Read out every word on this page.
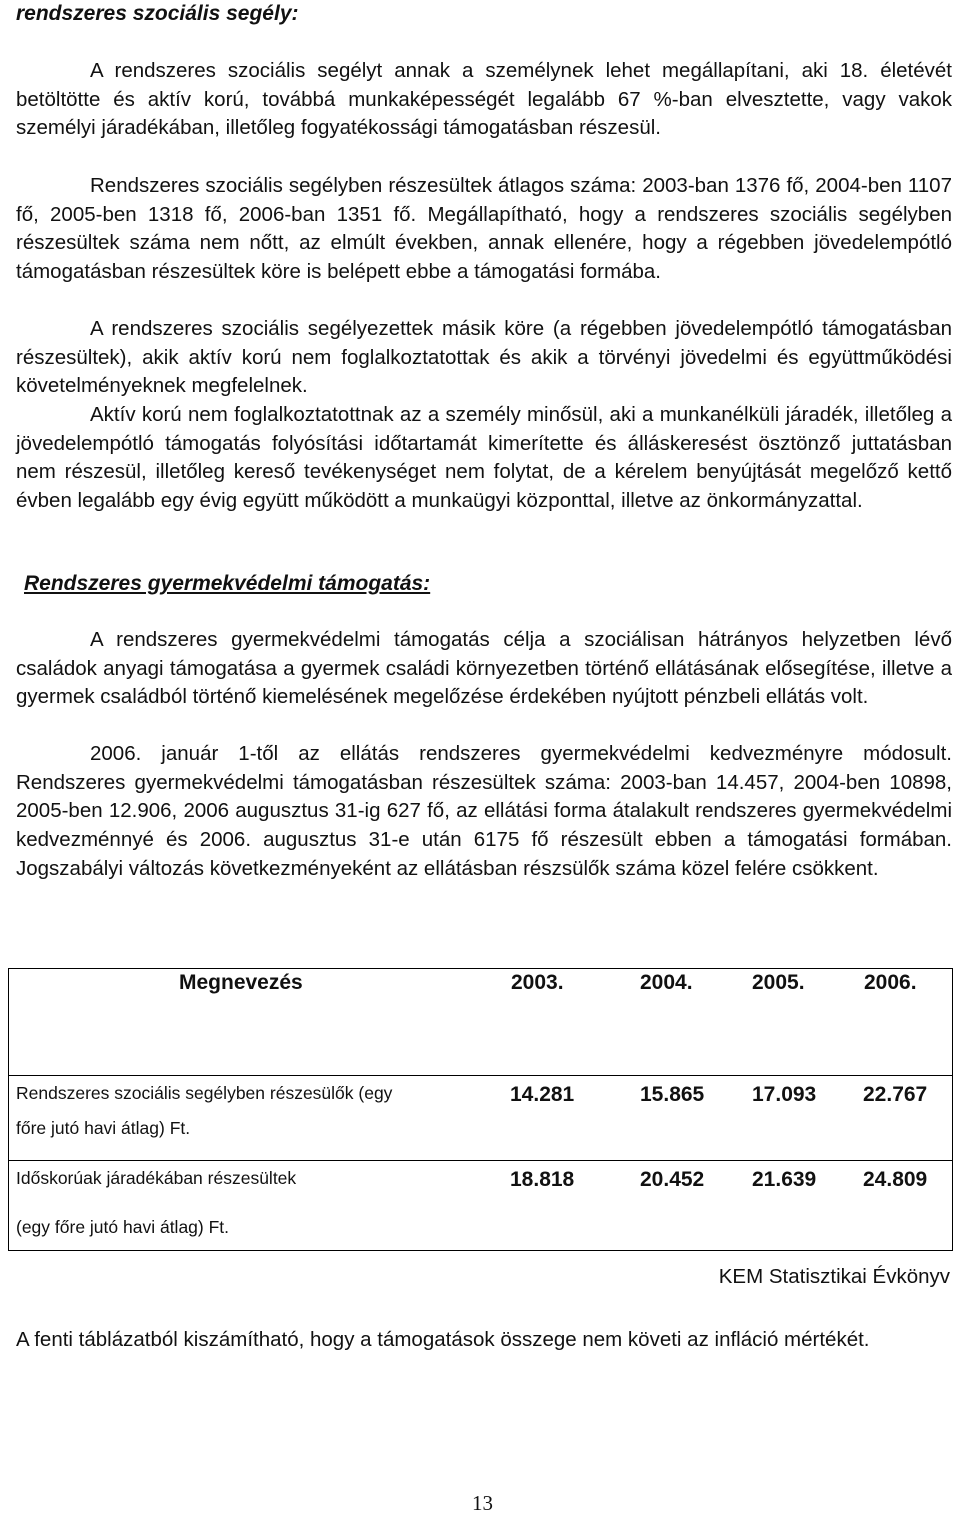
rendszeres szociális segély:

A rendszeres szociális segélyt annak a személynek lehet megállapítani, aki 18. életévét betöltötte és aktív korú, továbbá munkaképességét legalább 67 %-ban elvesztette, vagy vakok személyi járadékában, illetőleg fogyatékossági támogatásban részesül.

Rendszeres szociális segélyben részesültek átlagos száma: 2003-ban 1376 fő, 2004-ben 1107 fő, 2005-ben 1318 fő, 2006-ban 1351 fő. Megállapítható, hogy a rendszeres szociális segélyben részesültek száma nem nőtt, az elmúlt években, annak ellenére, hogy a régebben jövedelempótló támogatásban részesültek köre is belépett ebbe a támogatási formába.

A rendszeres szociális segélyezettek másik köre (a régebben jövedelempótló támogatásban részesültek), akik aktív korú nem foglalkoztatottak és akik a törvényi jövedelmi és együttműködési követelményeknek megfelelnek.

Aktív korú nem foglalkoztatottnak az a személy minősül, aki a munkanélküli járadék, illetőleg a jövedelempótló támogatás folyósítási időtartamát kimerítette és álláskeresést ösztönző juttatásban nem részesül, illetőleg kereső tevékenységet nem folytat, de a kérelem benyújtását megelőző kettő évben legalább egy évig együtt működött a munkaügyi központtal, illetve az önkormányzattal.

Rendszeres gyermekvédelmi támogatás:

A rendszeres gyermekvédelmi támogatás célja a szociálisan hátrányos helyzetben lévő családok anyagi támogatása a gyermek családi környezetben történő ellátásának elősegítése, illetve a gyermek családból történő kiemelésének megelőzése érdekében nyújtott pénzbeli ellátás volt.

2006. január 1-től az ellátás rendszeres gyermekvédelmi kedvezményre módosult. Rendszeres gyermekvédelmi támogatásban részesültek száma: 2003-ban 14.457, 2004-ben 10898, 2005-ben 12.906, 2006 augusztus 31-ig 627 fő, az ellátási forma átalakult rendszeres gyermekvédelmi kedvezménnyé és 2006. augusztus 31-e után 6175 fő részesült ebben a támogatási formában. Jogszabályi változás következményeként az ellátásban részsülők száma közel felére csökkent.

Megnevezés	2003.	2004.	2005.	2006.
Rendszeres szociális segélyben részesülők (egy
főre jutó havi átlag) Ft.
14.281	15.865 17.093 22.767
Időskorúak járadékában részesültek
(egy főre jutó havi átlag) Ft.
18.818	20.452 21.639 24.809
KEM Statisztikai Évkönyv

A fenti táblázatból kiszámítható, hogy a támogatások összege nem követi az infláció mértékét.

13
